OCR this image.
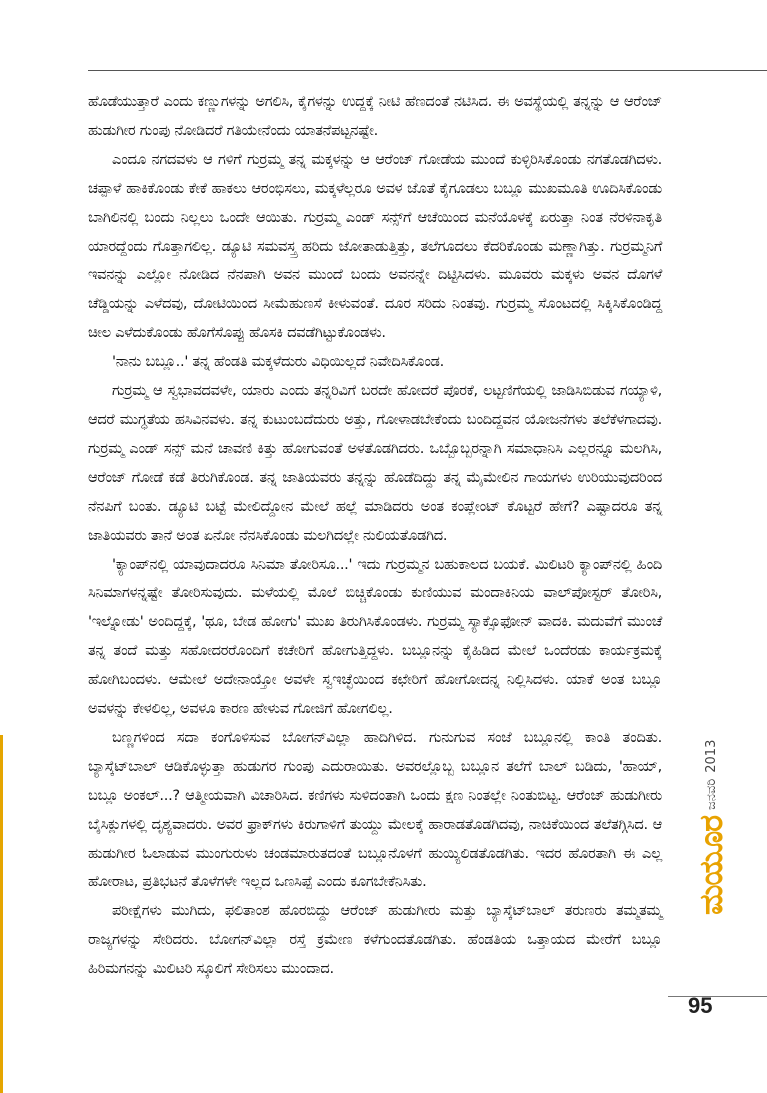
ಹೊಡೆಯುತ್ತಾರೆ ಎಂದು ಕಣ್ಣುಗಳನ್ನು ಅಗಲಿಸಿ, ಕೈಗಳನ್ನು ಉದ್ದಕ್ಕೆ ನೀಟಿ ಹೆಣದಂತೆ ನಟಿಸಿದ. ಈ ಅವಸ್ಥೆಯಲ್ಲಿ ತನ್ನನ್ನು ಆ ಆರೆಂಜ್ ಹುಡುಗೀರ ಗುಂಪು ನೋಡಿದರೆ ಗತಿಯೇನೆಂದು ಯಾತನೆಪಟ್ಟನಷ್ಟೇ.

ಎಂದೂ ನಗದವಳು ಆ ಗಳಿಗೆ ಗುರ್ರಮ್ಮ ತನ್ನ ಮಕ್ಕಳನ್ನು ಆ ಆರೆಂಜ್ ಗೋಡೆಯ ಮುಂದೆ ಕುಳ್ಳಿರಿಸಿಕೊಂಡು ನಗತೊಡಗಿದಳು. ಚಪ್ಪಾಳೆ ಹಾಕಿಕೊಂಡು ಕೇಕೆ ಹಾಕಲು ಆರಂಭಿಸಲು, ಮಕ್ಕಳೆಲ್ಲರೂ ಅವಳ ಜೊತೆ ಕೈಗೂಡಲು ಬಬ್ಲೂ ಮುಖಮೂತಿ ಊದಿಸಿಕೊಂಡು ಬಾಗಿಲಿನಲ್ಲಿ ಬಂದು ನಿಲ್ಲಲು ಒಂದೇ ಆಯಿತು. ಗುರ್ರಮ್ಮ ಎಂಡ್ ಸನ್ಸ್‌ಗೆ ಆಚೆಯಿಂದ ಮನೆಯೊಳಕ್ಕೆ ಏರುತ್ತಾ ನಿಂತ ನೆರಳಿನಾಕೃತಿ ಯಾರದ್ದೆಂದು ಗೊತ್ತಾಗಲಿಲ್ಲ. ಡ್ಯೂಟಿ ಸಮವಸ್ತ್ರ ಹರಿದು ಜೋತಾಡುತ್ತಿತ್ತು, ತಲೆಗೂದಲು ಕೆದರಿಕೊಂಡು ಮಣ್ಣಾಗಿತ್ತು. ಗುರ್ರಮ್ಮನಿಗೆ ಇವನನ್ನು ಎಲ್ಲೋ ನೋಡಿದ ನೆನಪಾಗಿ ಅವನ ಮುಂದೆ ಬಂದು ಅವನನ್ನೇ ದಿಟ್ಟಿಸಿದಳು. ಮೂವರು ಮಕ್ಕಳು ಅವನ ದೊಗಳೆ ಚೆಡ್ಡಿಯನ್ನು ಎಳೆದವು, ದೋಟಿಯಿಂದ ಸೀಮೆಹುಣಸೆ ಕೀಳುವಂತೆ. ದೂರ ಸರಿದು ನಿಂತವು. ಗುರ್ರಮ್ಮ ಸೊಂಟದಲ್ಲಿ ಸಿಕ್ಕಿಸಿಕೊಂಡಿದ್ದ ಚೀಲ ಎಳೆದುಕೊಂಡು ಹೊಗೆಸೊಪ್ಪು ಹೊಸಕಿ ದವಡೆಗಿಟ್ಟುಕೊಂಡಳು.

'ನಾನು ಬಬ್ಲೂ..' ತನ್ನ ಹೆಂಡತಿ ಮಕ್ಕಳೆದುರು ವಿಧಿಯಿಲ್ಲದೆ ನಿವೇದಿಸಿಕೊಂಡ.

ಗುರ್ರಮ್ಮ ಆ ಸ್ವಭಾವದವಳೇ, ಯಾರು ಎಂದು ತನ್ನರಿವಿಗೆ ಬರದೇ ಹೋದರೆ ಪೊರಕೆ, ಲಟ್ಟಣಿಗೆಯಲ್ಲಿ ಜಾಡಿಸಿಬಿಡುವ ಗಯ್ಯಾಳಿ, ಆದರೆ ಮುಗ್ಧತೆಯ ಹಸಿವಿನವಳು. ತನ್ನ ಕುಟುಂಬದೆದುರು ಅತ್ತು, ಗೋಳಾಡಬೇಕೆಂದು ಬಂದಿದ್ದವನ ಯೋಜನೆಗಳು ತಲೆಕೆಳಗಾದವು. ಗುರ್ರಮ್ಮ ಎಂಡ್ ಸನ್ಸ್ ಮನೆ ಚಾವಣಿ ಕಿತ್ತು ಹೋಗುವಂತೆ ಅಳತೊಡಗಿದರು. ಒಬ್ಬೊಬ್ಬರನ್ನಾಗಿ ಸಮಾಧಾನಿಸಿ ಎಲ್ಲರನ್ನೂ ಮಲಗಿಸಿ, ಆರೆಂಜ್ ಗೋಡೆ ಕಡೆ ತಿರುಗಿಕೊಂಡ. ತನ್ನ ಜಾತಿಯವರು ತನ್ನನ್ನು ಹೊಡೆದಿದ್ದು ತನ್ನ ಮೈಮೇಲಿನ ಗಾಯಗಳು ಉರಿಯುವುದರಿಂದ ನೆನಪಿಗೆ ಬಂತು. ಡ್ಯೂಟಿ ಬಟ್ಟೆ ಮೇಲಿದ್ದೋನ ಮೇಲೆ ಹಲ್ಲೆ ಮಾಡಿದರು ಅಂತ ಕಂಪ್ಲೇಂಟ್ ಕೊಟ್ಟರೆ ಹೇಗೆ? ಎಷ್ಟಾದರೂ ತನ್ನ ಜಾತಿಯವರು ತಾನೆ ಅಂತ ಏನೋ ನೆನಸಿಕೊಂಡು ಮಲಗಿದಲ್ಲೇ ನುಲಿಯತೊಡಗಿದ.

'ಕ್ಯಾಂಪ್‌ನಲ್ಲಿ ಯಾವುದಾದರೂ ಸಿನಿಮಾ ತೋರಿಸೂ...' ಇದು ಗುರ್ರಮ್ಮನ ಬಹುಕಾಲದ ಬಯಕೆ. ಮಿಲಿಟರಿ ಕ್ಯಾಂಪ್‌ನಲ್ಲಿ ಹಿಂದಿ ಸಿನಿಮಾಗಳನ್ನಷ್ಟೇ ತೋರಿಸುವುದು. ಮಳೆಯಲ್ಲಿ ಮೊಲೆ ಬಿಚ್ಚಿಕೊಂಡು ಕುಣಿಯುವ ಮಂದಾಕಿನಿಯ ವಾಲ್‌ಪೋಸ್ಟರ್ ತೋರಿಸಿ, 'ಇಲ್ನೋಡು' ಅಂದಿದ್ದಕ್ಕೆ, 'ಥೂ, ಬೇಡ ಹೋಗು' ಮುಖ ತಿರುಗಿಸಿಕೊಂಡಳು. ಗುರ್ರಮ್ಮ ಸ್ಯಾಕ್ಸೊಫೋನ್ ವಾದಕಿ. ಮದುವೆಗೆ ಮುಂಚೆ ತನ್ನ ತಂದೆ ಮತ್ತು ಸಹೋದರರೊಂದಿಗೆ ಕಚೇರಿಗೆ ಹೋಗುತ್ತಿದ್ದಳು. ಬಬ್ಲೂನನ್ನು ಕೈಹಿಡಿದ ಮೇಲೆ ಒಂದೆರಡು ಕಾರ್ಯಕ್ರಮಕ್ಕೆ ಹೋಗಿಬಂದಳು. ಆಮೇಲೆ ಅದೇನಾಯ್ತೋ ಅವಳೇ ಸ್ವಇಚ್ಛೆಯಿಂದ ಕಛೇರಿಗೆ ಹೋಗೋದನ್ನ ನಿಲ್ಲಿಸಿದಳು. ಯಾಕೆ ಅಂತ ಬಬ್ಲೂ ಅವಳನ್ನು ಕೇಳಲಿಲ್ಲ, ಅವಳೂ ಕಾರಣ ಹೇಳುವ ಗೋಜಿಗೆ ಹೋಗಲಿಲ್ಲ.

ಬಣ್ಣಗಳಿಂದ ಸದಾ ಕಂಗೊಳಿಸುವ ಬೋಗನ್‌ವಿಲ್ಲಾ ಹಾದಿಗಿಳಿದ. ಗುನುಗುವ ಸಂಜೆ ಬಬ್ಲೂನಲ್ಲಿ ಕಾಂತಿ ತಂದಿತು. ಬ್ಯಾಸ್ಕೆಟ್‌ಬಾಲ್ ಆಡಿಕೊಳ್ಳುತ್ತಾ ಹುಡುಗರ ಗುಂಪು ಎದುರಾಯಿತು. ಅವರಲ್ಲೊಬ್ಬ ಬಬ್ಲೂನ ತಲೆಗೆ ಬಾಲ್ ಬಡಿದು, 'ಹಾಯ್, ಬಬ್ಲೂ ಅಂಕಲ್...? ಆತ್ಮೀಯವಾಗಿ ವಿಚಾರಿಸಿದ. ಕಣಿಗಳು ಸುಳಿದಂತಾಗಿ ಒಂದು ಕ್ಷಣ ನಿಂತಲ್ಲೇ ನಿಂತುಬಿಟ್ಟ. ಆರೆಂಜ್ ಹುಡುಗೀರು ಬೈಸಿಕ್ಲುಗಳಲ್ಲಿ ದೃಶ್ಯವಾದರು. ಅವರ ಫ್ರಾಕ್‌ಗಳು ಕಿರುಗಾಳಿಗೆ ತುಯ್ದು ಮೇಲಕ್ಕೆ ಹಾರಾಡತೊಡಗಿದವು, ನಾಚಿಕೆಯಿಂದ ತಲೆತಗ್ಗಿಸಿದ. ಆ ಹುಡುಗೀರ ಓಲಾಡುವ ಮುಂಗುರುಳು ಚಂಡಮಾರುತದಂತೆ ಬಬ್ಲೂನೊಳಗೆ ಹುಯ್ಯಿಲಿಡತೊಡಗಿತು. ಇದರ ಹೊರತಾಗಿ ಈ ಎಲ್ಲ ಹೋರಾಟ, ಪ್ರತಿಭಟನೆ ತೊಳೆಗಳೇ ಇಲ್ಲದ ಒಣಸಿಪ್ಪೆ ಎಂದು ಕೂಗಬೇಕೆನಿಸಿತು.

ಪರೀಕ್ಷೆಗಳು ಮುಗಿದು, ಫಲಿತಾಂಶ ಹೊರಬಿದ್ದು ಆರೆಂಜ್ ಹುಡುಗೀರು ಮತ್ತು ಬ್ಯಾಸ್ಕೆಟ್‌ಬಾಲ್ ತರುಣರು ತಮ್ಮತಮ್ಮ ರಾಜ್ಯಗಳನ್ನು ಸೇರಿದರು. ಬೋಗನ್‌ವಿಲ್ಲಾ ರಸ್ತೆ ಕ್ರಮೇಣ ಕಳೆಗುಂದತೊಡಗಿತು. ಹೆಂಡತಿಯ ಒತ್ತಾಯದ ಮೇರೆಗೆ ಬಬ್ಲೂ ಹಿರಿಮಗನನ್ನು ಮಿಲಿಟರಿ ಸ್ಕೂಲಿಗೆ ಸೇರಿಸಲು ಮುಂದಾದ.

ಮಯೂರ
ಜನವರಿ2013
95
